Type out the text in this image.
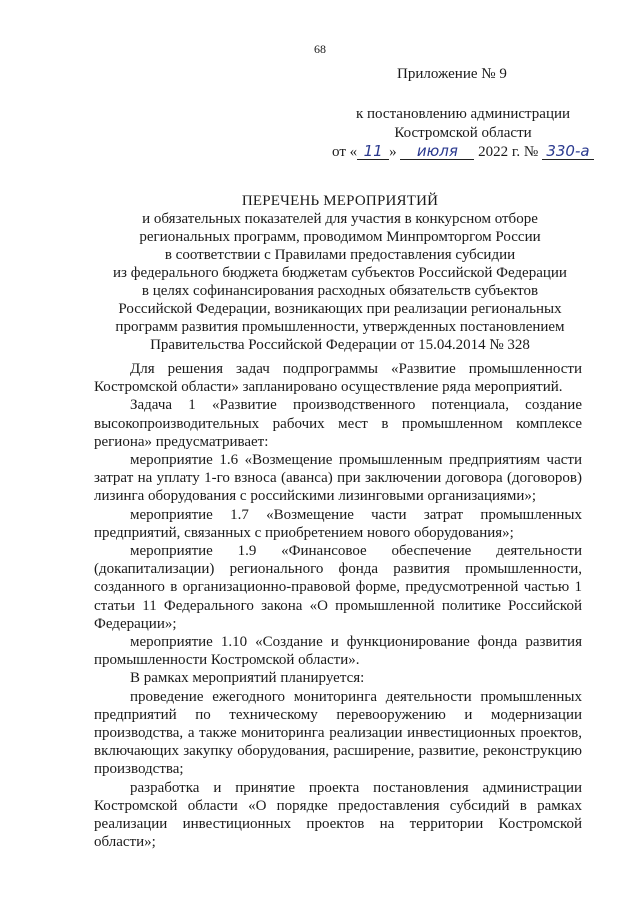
68
Приложение № 9
к постановлению администрации
Костромской области
от « 11 » июля 2022 г. № 330-а
ПЕРЕЧЕНЬ МЕРОПРИЯТИЙ
и обязательных показателей для участия в конкурсном отборе
региональных программ, проводимом Минпромторгом России
в соответствии с Правилами предоставления субсидии
из федерального бюджета бюджетам субъектов Российской Федерации
в целях софинансирования расходных обязательств субъектов
Российской Федерации, возникающих при реализации региональных
программ развития промышленности, утвержденных постановлением
Правительства Российской Федерации от 15.04.2014 № 328

Для решения задач подпрограммы «Развитие промышленности Костромской области» запланировано осуществление ряда мероприятий.

Задача 1 «Развитие производственного потенциала, создание высокопроизводительных рабочих мест в промышленном комплексе региона» предусматривает:

мероприятие 1.6 «Возмещение промышленным предприятиям части затрат на уплату 1-го взноса (аванса) при заключении договора (договоров) лизинга оборудования с российскими лизинговыми организациями»;

мероприятие 1.7 «Возмещение части затрат промышленных предприятий, связанных с приобретением нового оборудования»;

мероприятие 1.9 «Финансовое обеспечение деятельности (докапитализации) регионального фонда развития промышленности, созданного в организационно-правовой форме, предусмотренной частью 1 статьи 11 Федерального закона «О промышленной политике Российской Федерации»;

мероприятие 1.10 «Создание и функционирование фонда развития промышленности Костромской области».

В рамках мероприятий планируется:

проведение ежегодного мониторинга деятельности промышленных предприятий по техническому перевооружению и модернизации производства, а также мониторинга реализации инвестиционных проектов, включающих закупку оборудования, расширение, развитие, реконструкцию производства;

разработка и принятие проекта постановления администрации Костромской области «О порядке предоставления субсидий в рамках реализации инвестиционных проектов на территории Костромской области»;
